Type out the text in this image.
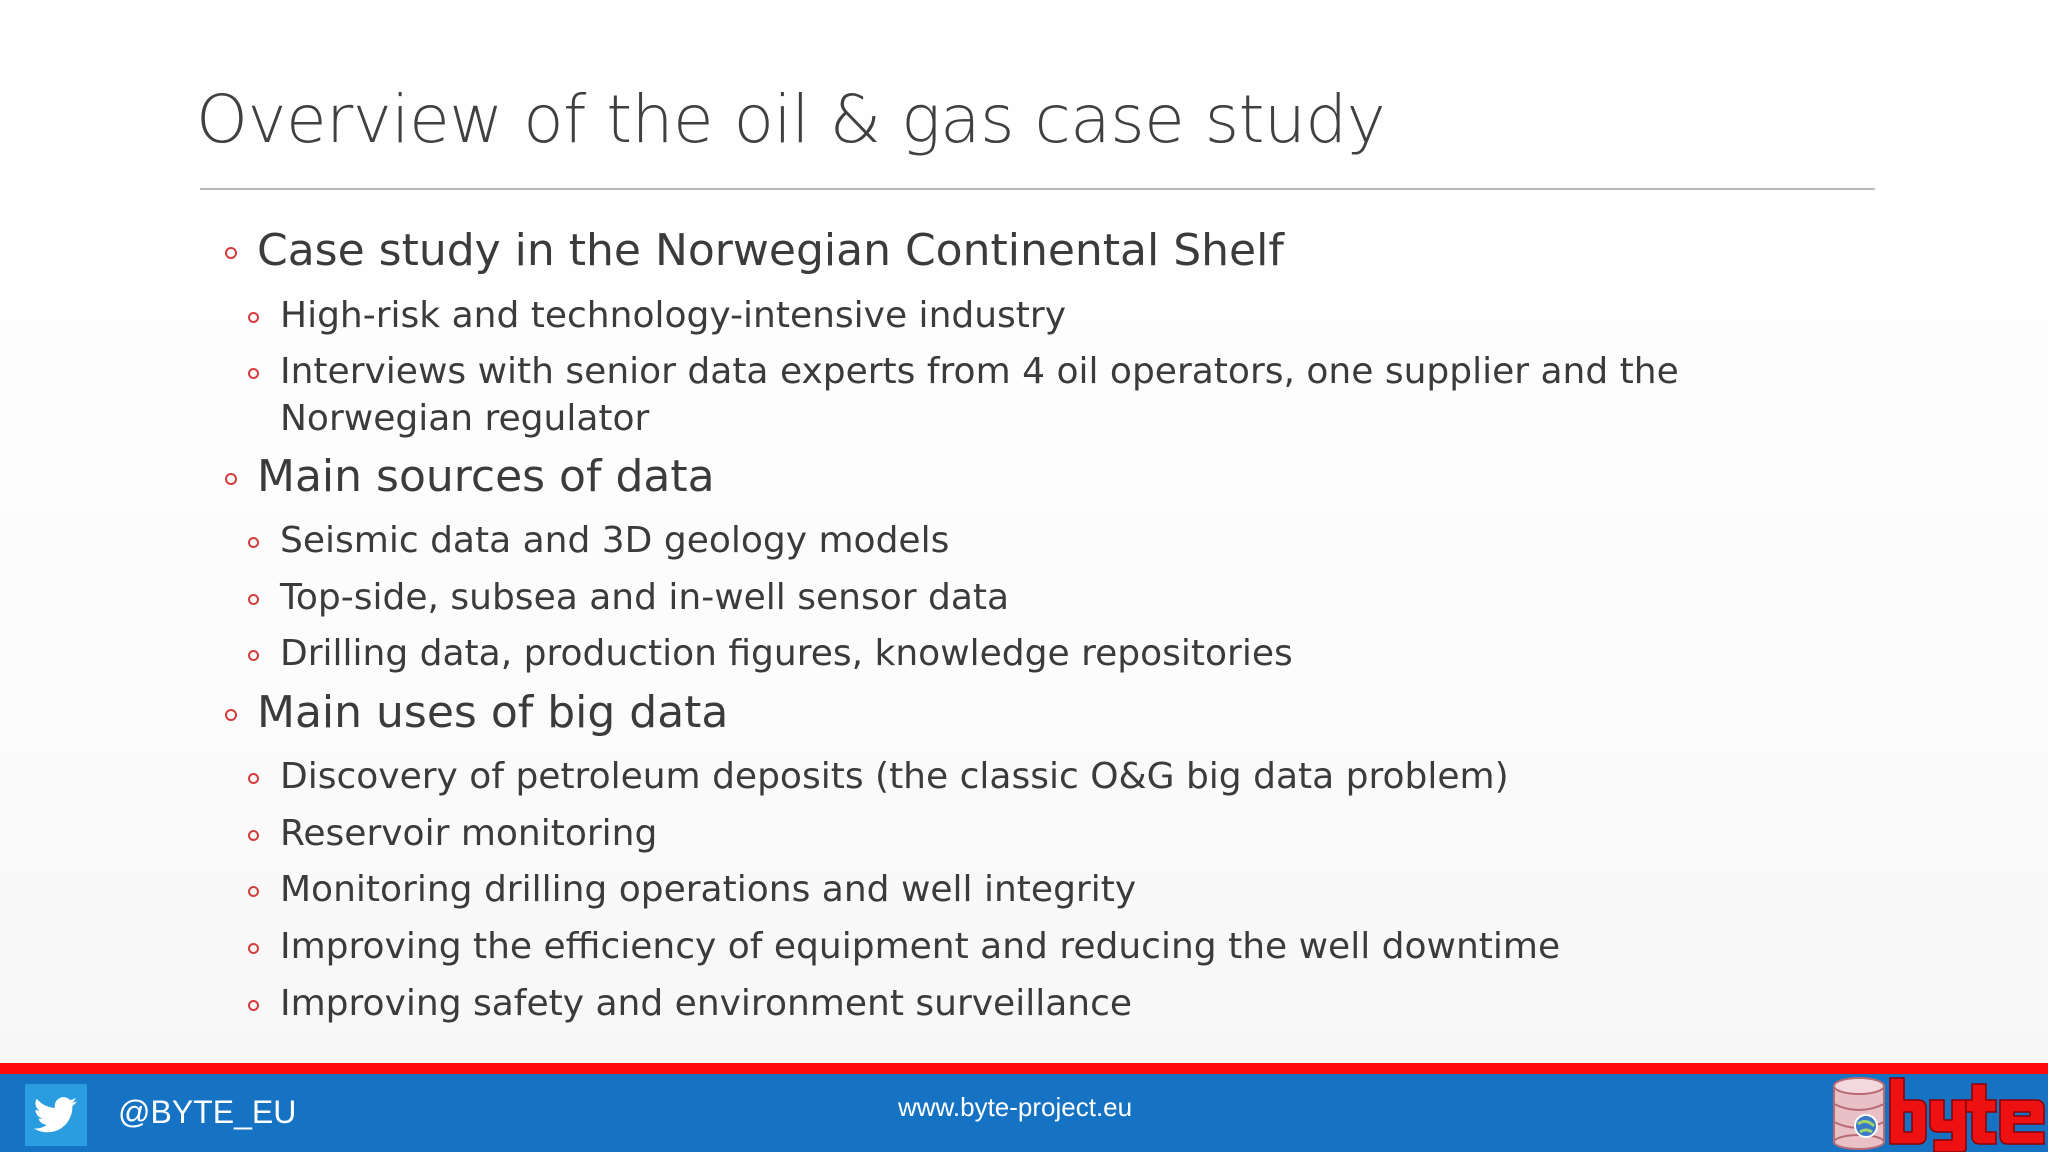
Overview of the oil & gas case study
Case study in the Norwegian Continental Shelf
High-risk and technology-intensive industry
Interviews with senior data experts from 4 oil operators, one supplier and the Norwegian regulator
Main sources of data
Seismic data and 3D geology models
Top-side, subsea and in-well sensor data
Drilling data, production figures, knowledge repositories
Main uses of big data
Discovery of petroleum deposits (the classic O&G big data problem)
Reservoir monitoring
Monitoring drilling operations and well integrity
Improving the efficiency of equipment and reducing the well downtime
Improving safety and environment surveillance
@BYTE_EU	www.byte-project.eu
